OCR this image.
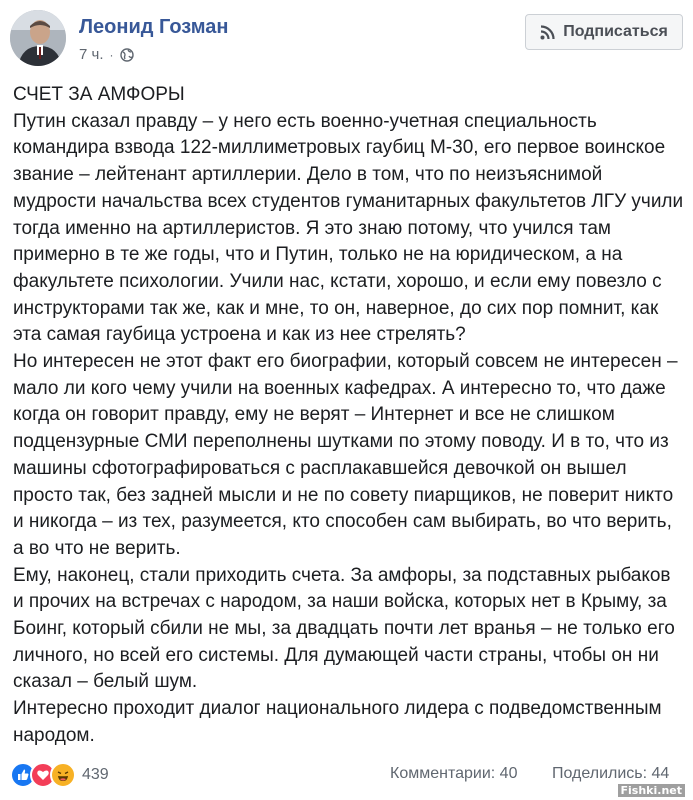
Леонид Гозман
7 ч. ·
Подписаться

СЧЕТ ЗА АМФОРЫ

Путин сказал правду – у него есть военно-учетная специальность командира взвода 122-миллиметровых гаубиц М-30, его первое воинское звание – лейтенант артиллерии. Дело в том, что по неизъяснимой мудрости начальства всех студентов гуманитарных факультетов ЛГУ учили тогда именно на артиллеристов. Я это знаю потому, что учился там примерно в те же годы, что и Путин, только не на юридическом, а на факультете психологии. Учили нас, кстати, хорошо, и если ему повезло с инструкторами так же, как и мне, то он, наверное, до сих пор помнит, как эта самая гаубица устроена и как из нее стрелять?

Но интересен не этот факт его биографии, который совсем не интересен – мало ли кого чему учили на военных кафедрах. А интересно то, что даже когда он говорит правду, ему не верят – Интернет и все не слишком подцензурные СМИ переполнены шутками по этому поводу. И в то, что из машины сфотографироваться с расплакавшейся девочкой он вышел просто так, без задней мысли и не по совету пиарщиков, не поверит никто и никогда – из тех, разумеется, кто способен сам выбирать, во что верить, а во что не верить.

Ему, наконец, стали приходить счета. За амфоры, за подставных рыбаков и прочих на встречах с народом, за наши войска, которых нет в Крыму, за Боинг, который сбили не мы, за двадцать почти лет вранья – не только его личного, но всей его системы. Для думающей части страны, чтобы он ни сказал – белый шум.

Интересно проходит диалог национального лидера с подведомственным народом.

439	Комментарии: 40 Поделились: 44
Fishki.net
